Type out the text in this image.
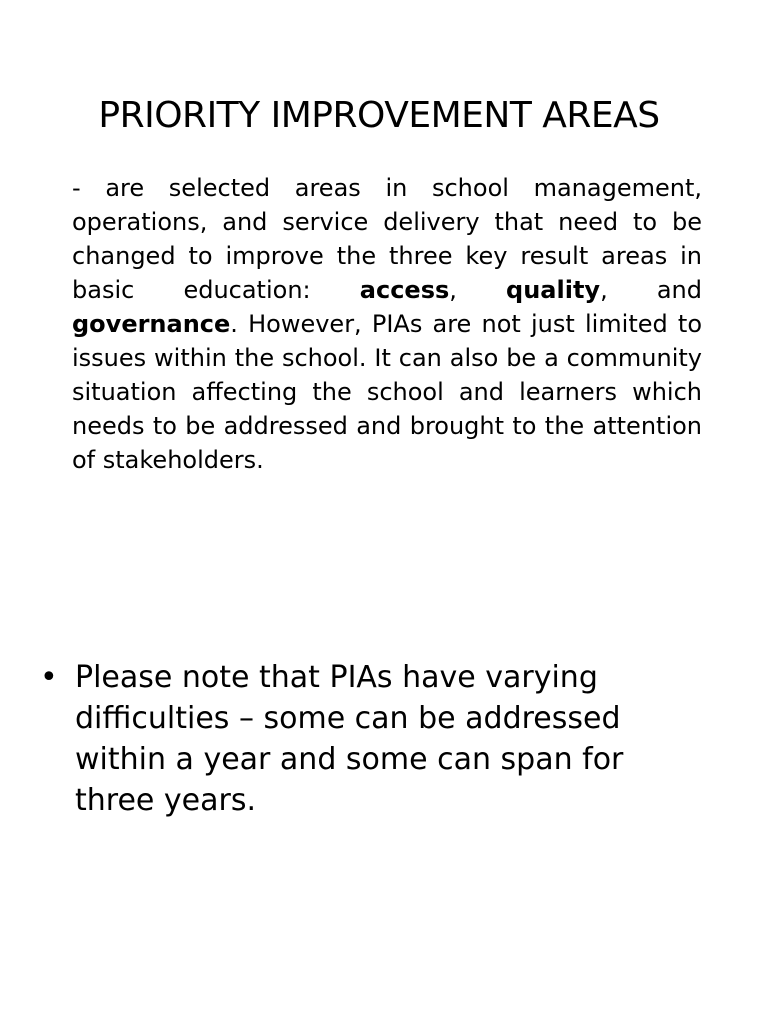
PRIORITY IMPROVEMENT AREAS

- are selected areas in school management, operations, and service delivery that need to be changed to improve the three key result areas in basic education: access, quality, and governance. However, PIAs are not just limited to issues within the school. It can also be a community situation affecting the school and learners which needs to be addressed and brought to the attention of stakeholders.

• Please note that PIAs have varying difficulties – some can be addressed within a year and some can span for three years.
